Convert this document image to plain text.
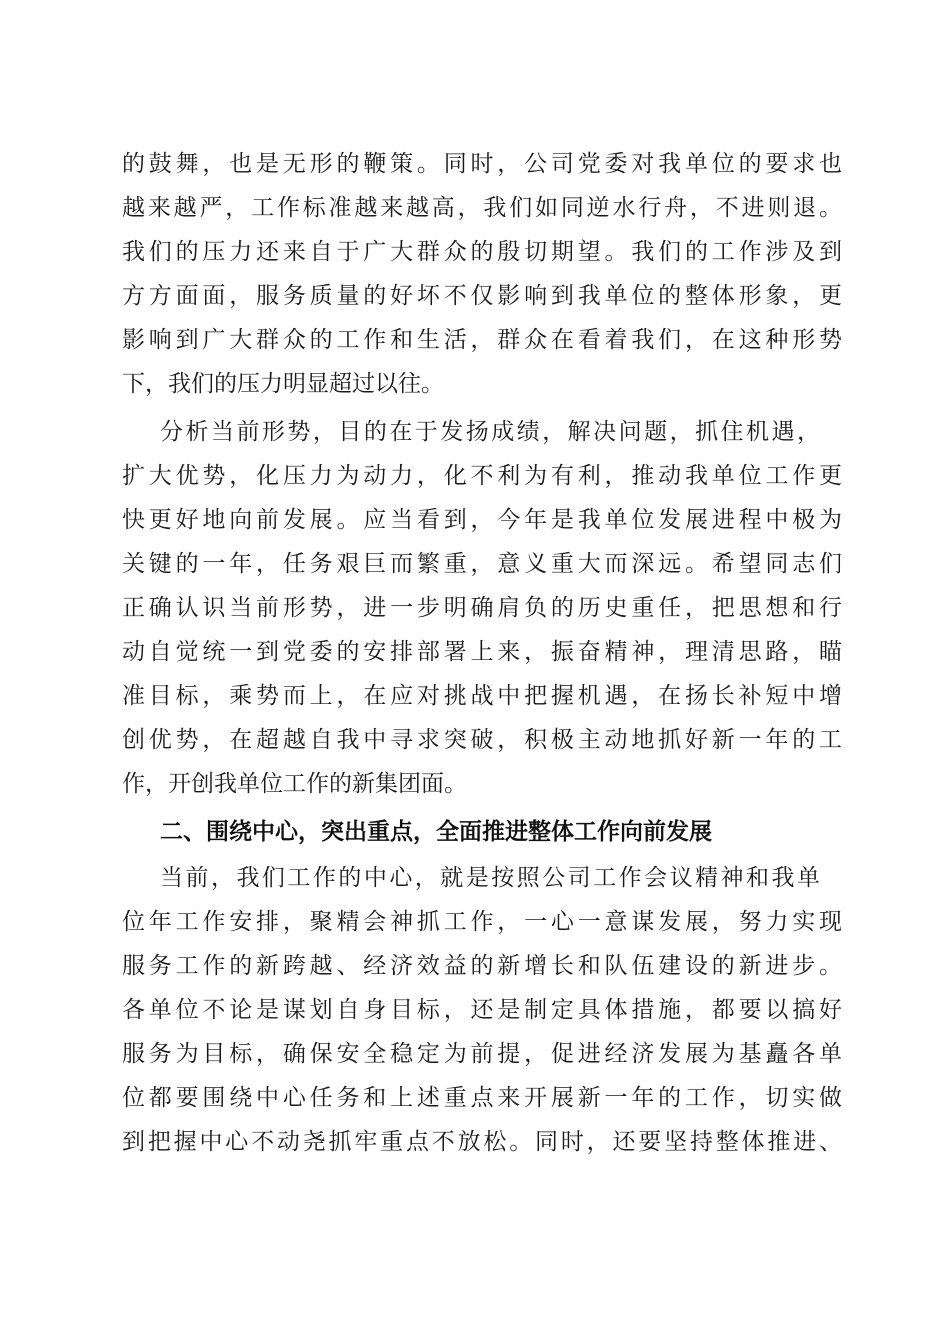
的鼓舞，也是无形的鞭策。同时，公司党委对我单位的要求也
越来越严，工作标准越来越高，我们如同逆水行舟，不进则退。
我们的压力还来自于广大群众的殷切期望。我们的工作涉及到
方方面面，服务质量的好坏不仅影响到我单位的整体形象，更
影响到广大群众的工作和生活，群众在看着我们，在这种形势
下，我们的压力明显超过以往。
分析当前形势，目的在于发扬成绩，解决问题，抓住机遇，
扩大优势，化压力为动力，化不利为有利，推动我单位工作更
快更好地向前发展。应当看到，今年是我单位发展进程中极为
关键的一年，任务艰巨而繁重，意义重大而深远。希望同志们
正确认识当前形势，进一步明确肩负的历史重任，把思想和行
动自觉统一到党委的安排部署上来，振奋精神，理清思路，瞄
准目标，乘势而上，在应对挑战中把握机遇，在扬长补短中增
创优势，在超越自我中寻求突破，积极主动地抓好新一年的工
作，开创我单位工作的新集团面。
二、围绕中心，突出重点，全面推进整体工作向前发展
当前，我们工作的中心，就是按照公司工作会议精神和我单
位年工作安排，聚精会神抓工作，一心一意谋发展，努力实现
服务工作的新跨越、经济效益的新增长和队伍建设的新进步。
各单位不论是谋划自身目标，还是制定具体措施，都要以搞好
服务为目标，确保安全稳定为前提，促进经济发展为基矗各单
位都要围绕中心任务和上述重点来开展新一年的工作，切实做
到把握中心不动尧抓牢重点不放松。同时，还要坚持整体推进、
